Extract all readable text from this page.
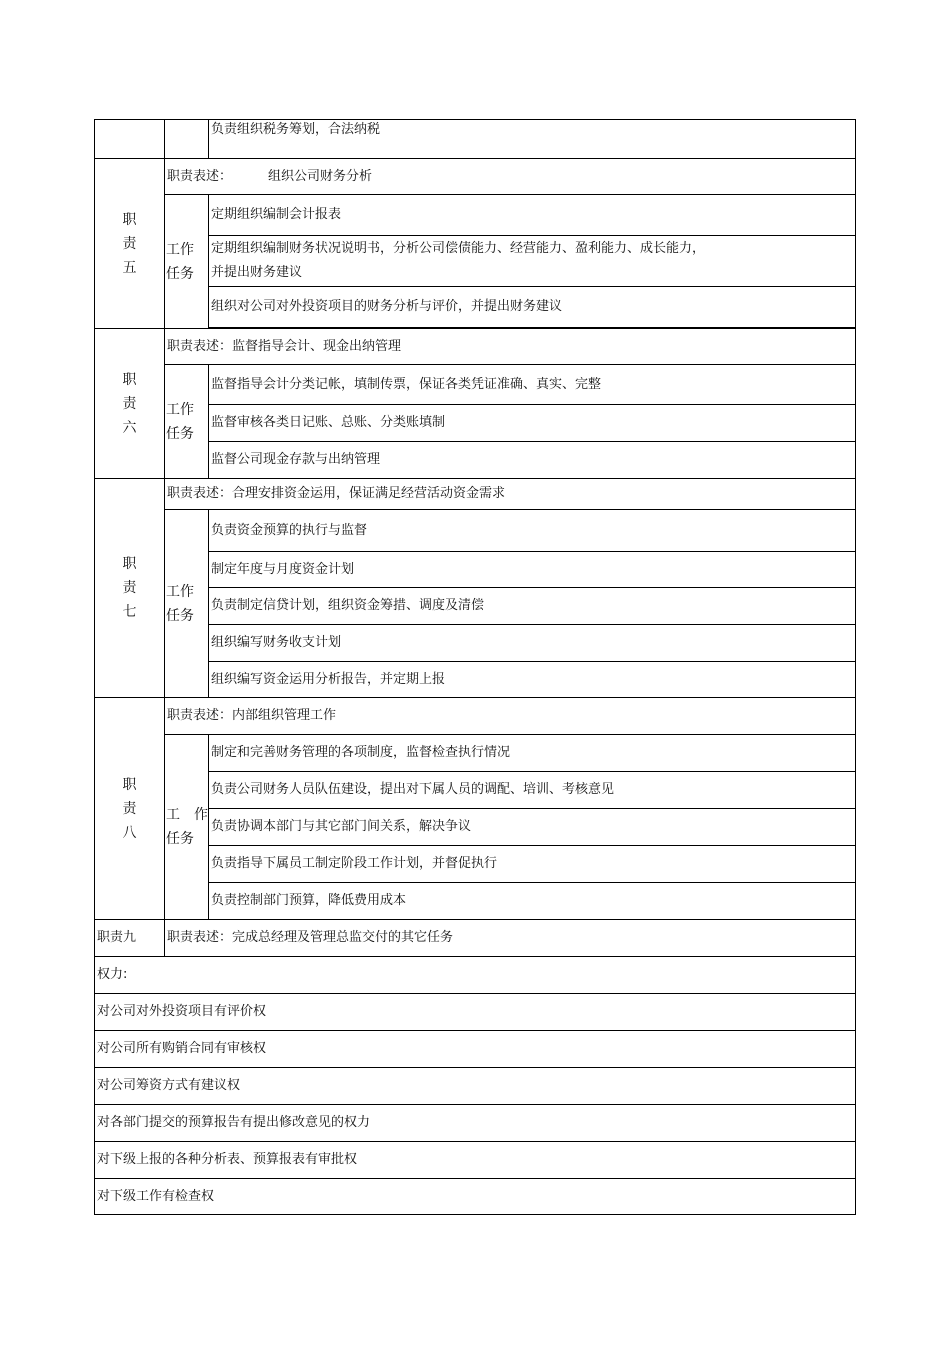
		负责组织税务筹划，合法纳税

职
责
五	职责表述： 组织公司财务分析	

	工作
任务	定期组织编制会计报表

		定期组织编制财务状况说明书，分析公司偿债能力、经营能力、盈利能力、成长能力，
并提出财务建议

		组织对公司对外投资项目的财务分析与评价，并提出财务建议

职
责
六	职责表述：监督指导会计、现金出纳管理	

	工作
任务	监督指导会计分类记帐，填制传票，保证各类凭证准确、真实、完整
		监督审核各类日记账、总账、分类账填制
		监督公司现金存款与出纳管理

职
责
七	职责表述：合理安排资金运用，保证满足经营活动资金需求	

	工作
任务	负责资金预算的执行与监督
		制定年度与月度资金计划
		负责制定信贷计划，组织资金筹措、调度及清偿
		组织编写财务收支计划
		组织编写资金运用分析报告，并定期上报

职
责
八	职责表述：内部组织管理工作	

	工　作
任务	制定和完善财务管理的各项制度，监督检查执行情况
		负责公司财务人员队伍建设，提出对下属人员的调配、培训、考核意见
		负责协调本部门与其它部门间关系，解决争议
		负责指导下属员工制定阶段工作计划，并督促执行
		负责控制部门预算，降低费用成本
职责九	职责表述：完成总经理及管理总监交付的其它任务	
权力:		
对公司对外投资项目有评价权		
对公司所有购销合同有审核权		
对公司筹资方式有建议权		
对各部门提交的预算报告有提出修改意见的权力		
对下级上报的各种分析表、预算报表有审批权		
对下级工作有检查权		
